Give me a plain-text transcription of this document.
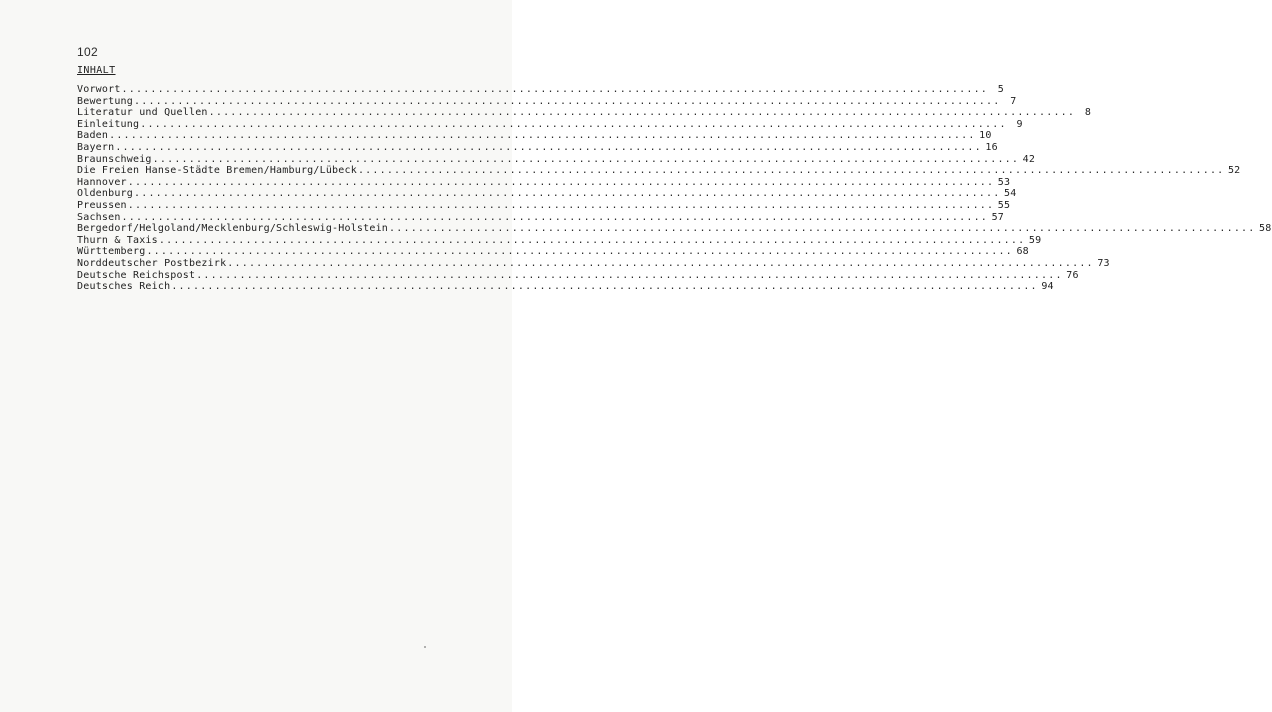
102
INHALT
Vorwort ........................................................................................................................ 5
Bewertung ........................................................................................................................ 7
Literatur und Quellen ........................................................................................................................ 8
Einleitung ........................................................................................................................ 9
Baden ........................................................................................................................ 10
Bayern ........................................................................................................................ 16
Braunschweig ........................................................................................................................ 42
Die Freien Hanse-Städte Bremen/Hamburg/Lübeck ........................................................................................................................ 52
Hannover ........................................................................................................................ 53
Oldenburg ........................................................................................................................ 54
Preussen ........................................................................................................................ 55
Sachsen ........................................................................................................................ 57
Bergedorf/Helgoland/Mecklenburg/Schleswig-Holstein ........................................................................................................................ 58
Thurn & Taxis ........................................................................................................................ 59
Württemberg ........................................................................................................................ 68
Norddeutscher Postbezirk ........................................................................................................................ 73
Deutsche Reichspost ........................................................................................................................ 76
Deutsches Reich ........................................................................................................................ 94
